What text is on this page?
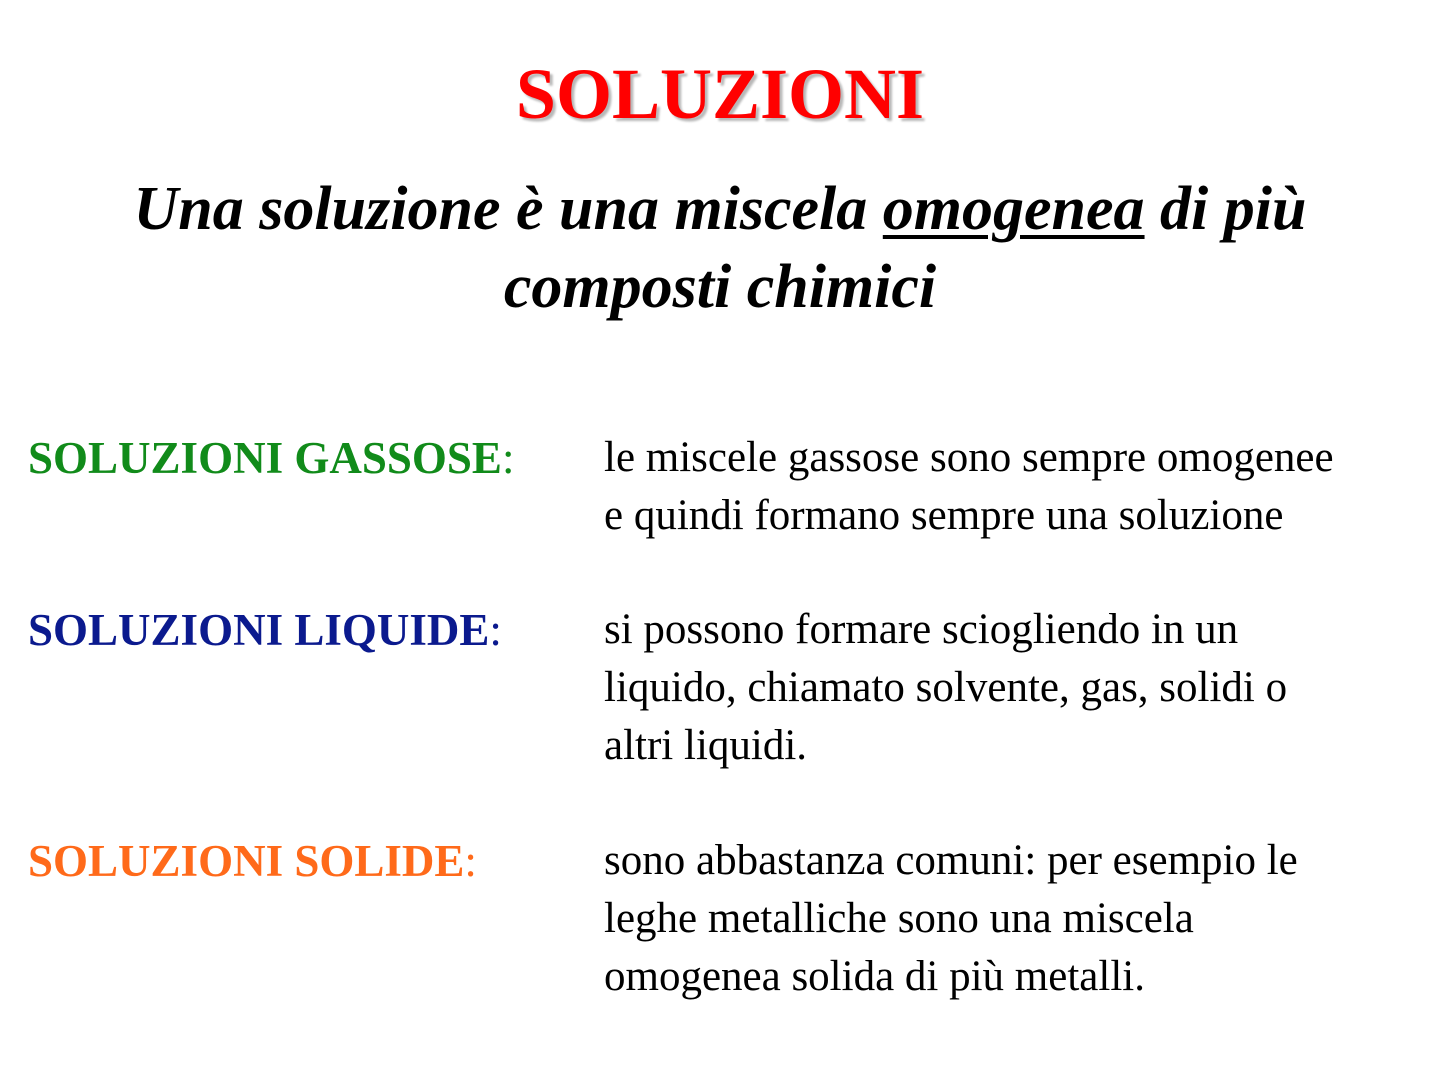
SOLUZIONI
Una soluzione è una miscela omogenea di più
composti chimici
SOLUZIONI GASSOSE: le miscele gassose sono sempre omogenee
e quindi formano sempre una soluzione
SOLUZIONI LIQUIDE: si possono formare sciogliendo in un
liquido, chiamato solvente, gas, solidi o
altri liquidi.
SOLUZIONI SOLIDE:	sono abbastanza comuni: per esempio le
leghe metalliche sono una miscela
omogenea solida di più metalli.
